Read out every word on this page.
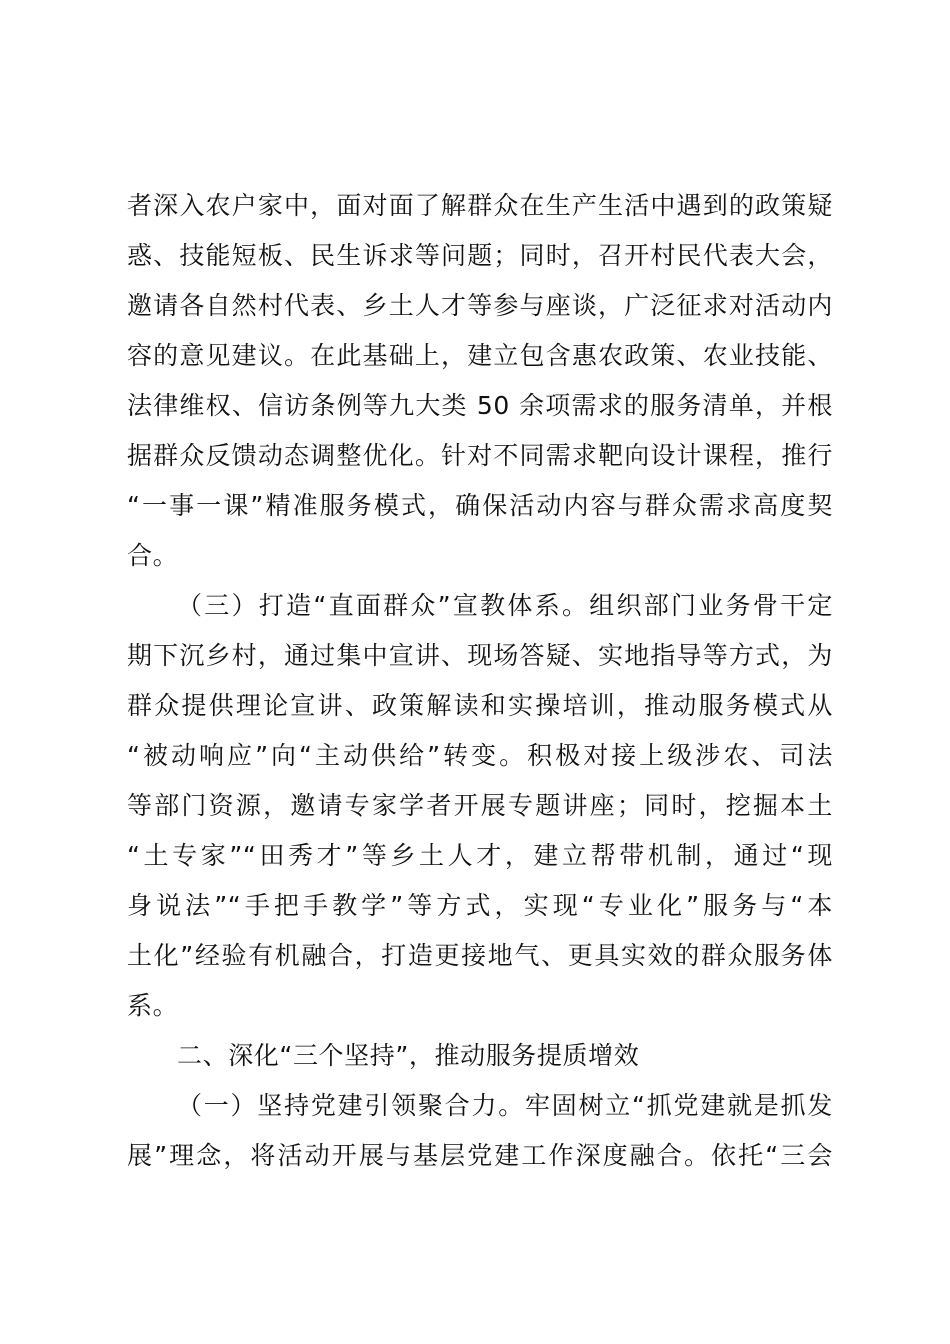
者深入农户家中，面对面了解群众在生产生活中遇到的政策疑
惑、技能短板、民生诉求等问题；同时，召开村民代表大会，
邀请各自然村代表、乡土人才等参与座谈，广泛征求对活动内
容的意见建议。在此基础上，建立包含惠农政策、农业技能、
法律维权、信访条例等九大类 50 余项需求的服务清单，并根
据群众反馈动态调整优化。针对不同需求靶向设计课程，推行
“一事一课”精准服务模式，确保活动内容与群众需求高度契
合。
（三）打造“直面群众”宣教体系。组织部门业务骨干定
期下沉乡村，通过集中宣讲、现场答疑、实地指导等方式，为
群众提供理论宣讲、政策解读和实操培训，推动服务模式从
“被动响应”向“主动供给”转变。积极对接上级涉农、司法
等部门资源，邀请专家学者开展专题讲座；同时，挖掘本土
“土专家”“田秀才”等乡土人才，建立帮带机制，通过“现
身说法”“手把手教学”等方式，实现“专业化”服务与“本
土化”经验有机融合，打造更接地气、更具实效的群众服务体
系。
二、深化“三个坚持”，推动服务提质增效
（一）坚持党建引领聚合力。牢固树立“抓党建就是抓发
展”理念，将活动开展与基层党建工作深度融合。依托“三会
